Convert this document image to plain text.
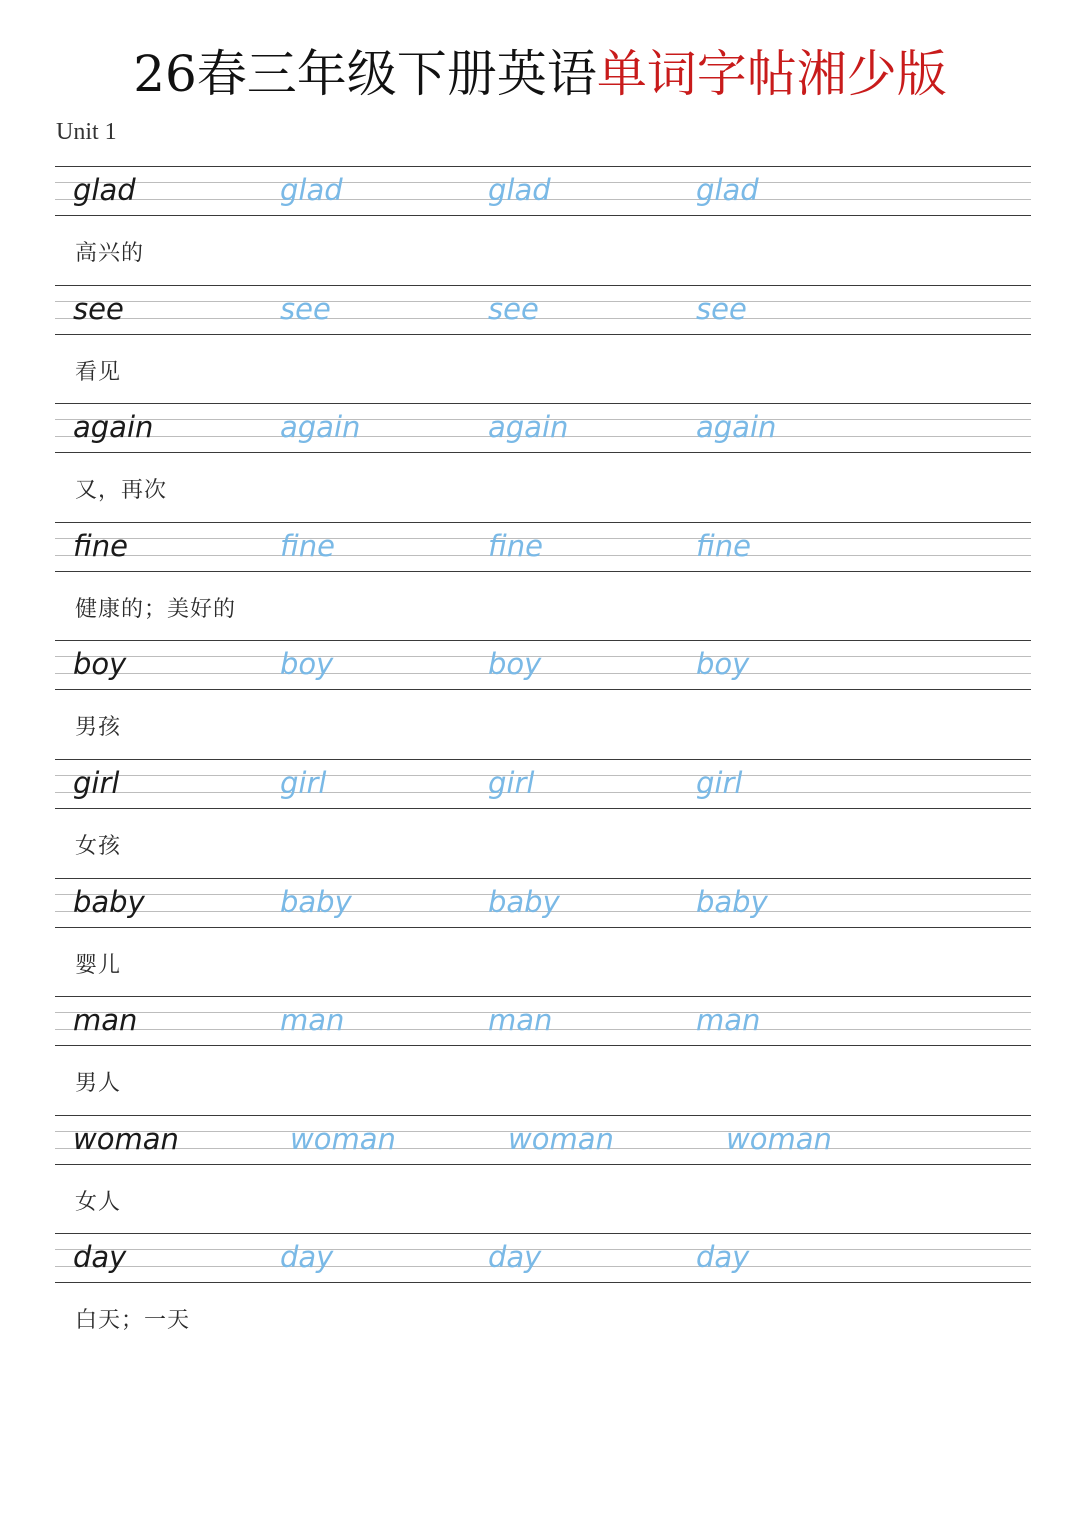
26春三年级下册英语单词字帖湘少版
Unit 1
glad	glad	glad	glad
高兴的
see	see	see	see
看见
again	again	again	again
又，再次
fine	fine	fine	fine
健康的；美好的
boy	boy	boy	boy
男孩
girl	girl	girl	girl
女孩
baby	baby	baby	baby
婴儿
man	man	man	man
男人
woman	woman	woman	woman
女人
day	day	day	day
白天；一天
